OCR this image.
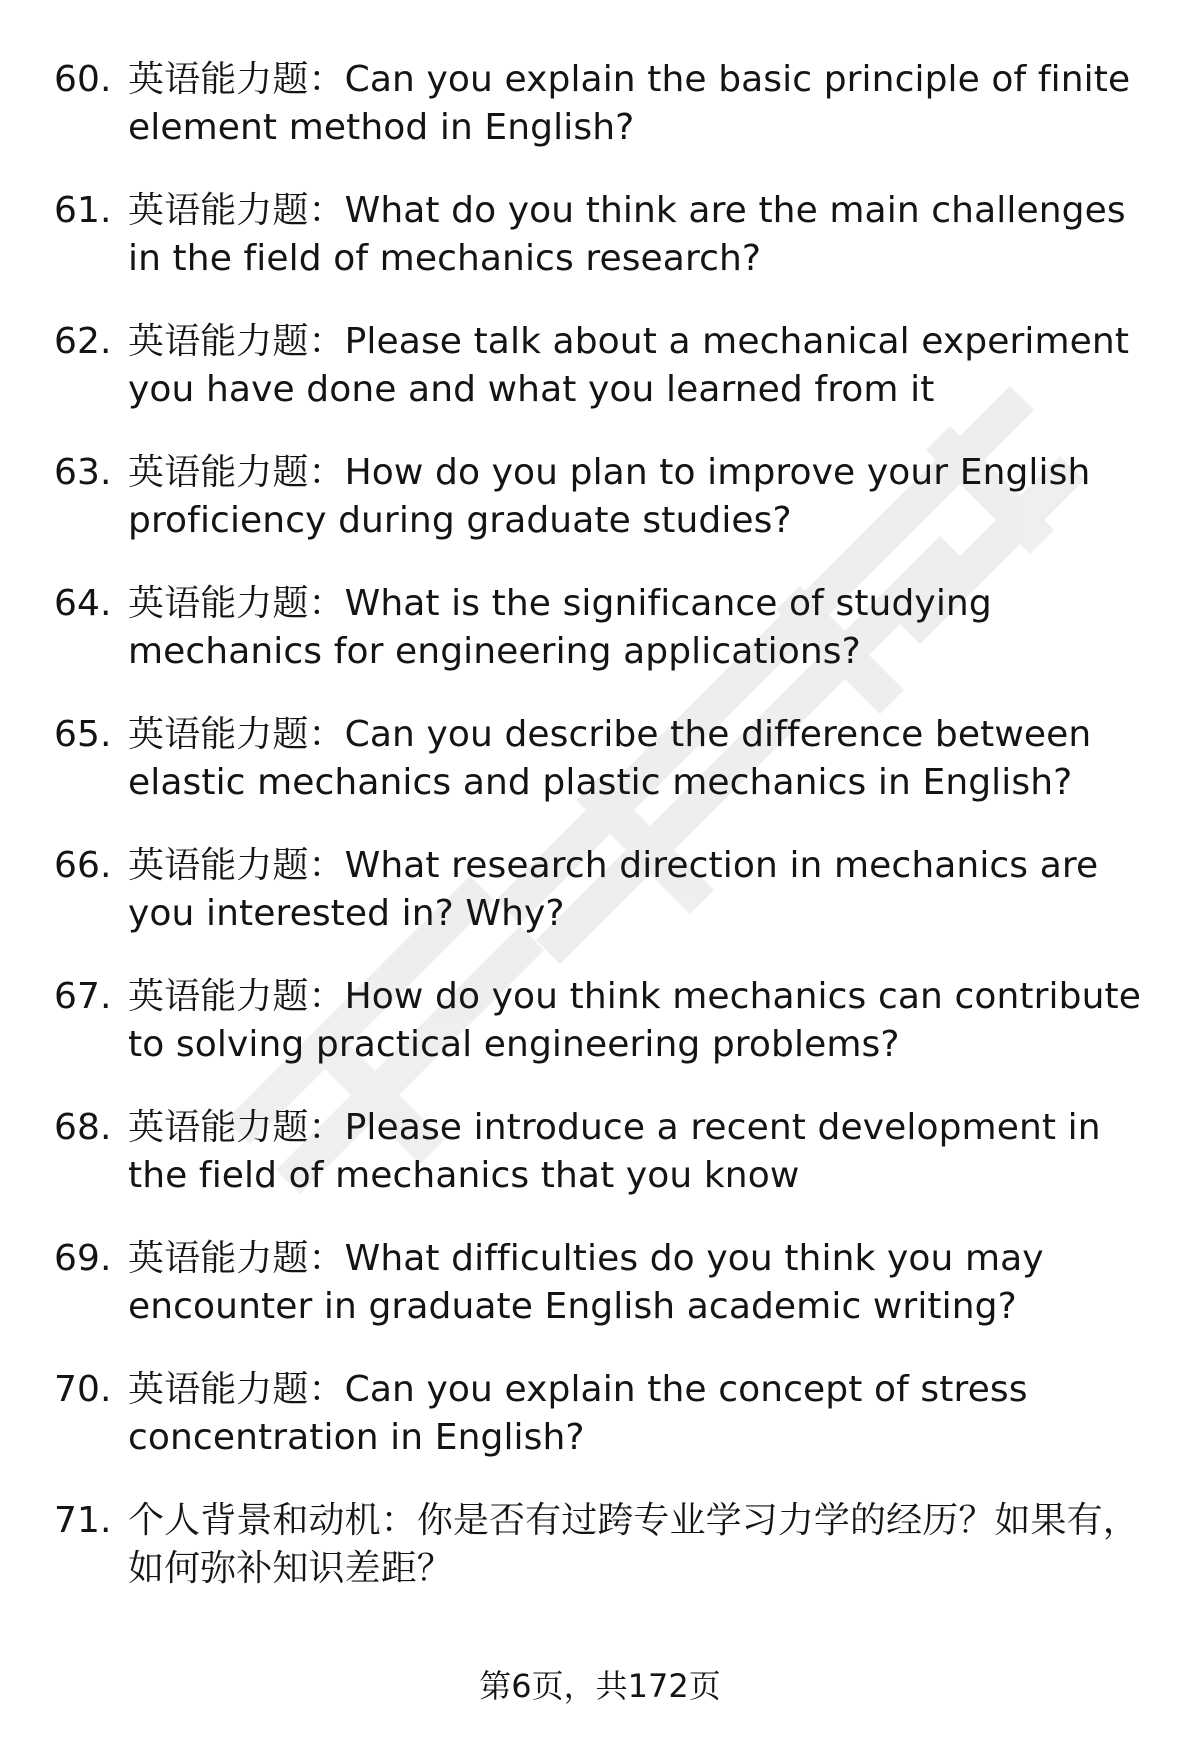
60. 英语能力题：Can you explain the basic principle of finite element method in English?
61. 英语能力题：What do you think are the main challenges in the field of mechanics research?
62. 英语能力题：Please talk about a mechanical experiment you have done and what you learned from it
63. 英语能力题：How do you plan to improve your English proficiency during graduate studies?
64. 英语能力题：What is the significance of studying mechanics for engineering applications?
65. 英语能力题：Can you describe the difference between elastic mechanics and plastic mechanics in English?
66. 英语能力题：What research direction in mechanics are you interested in? Why?
67. 英语能力题：How do you think mechanics can contribute to solving practical engineering problems?
68. 英语能力题：Please introduce a recent development in the field of mechanics that you know
69. 英语能力题：What difficulties do you think you may encounter in graduate English academic writing?
70. 英语能力题：Can you explain the concept of stress concentration in English?
71. 个人背景和动机：你是否有过跨专业学习力学的经历？如果有，如何弥补知识差距？
第6页，共172页
